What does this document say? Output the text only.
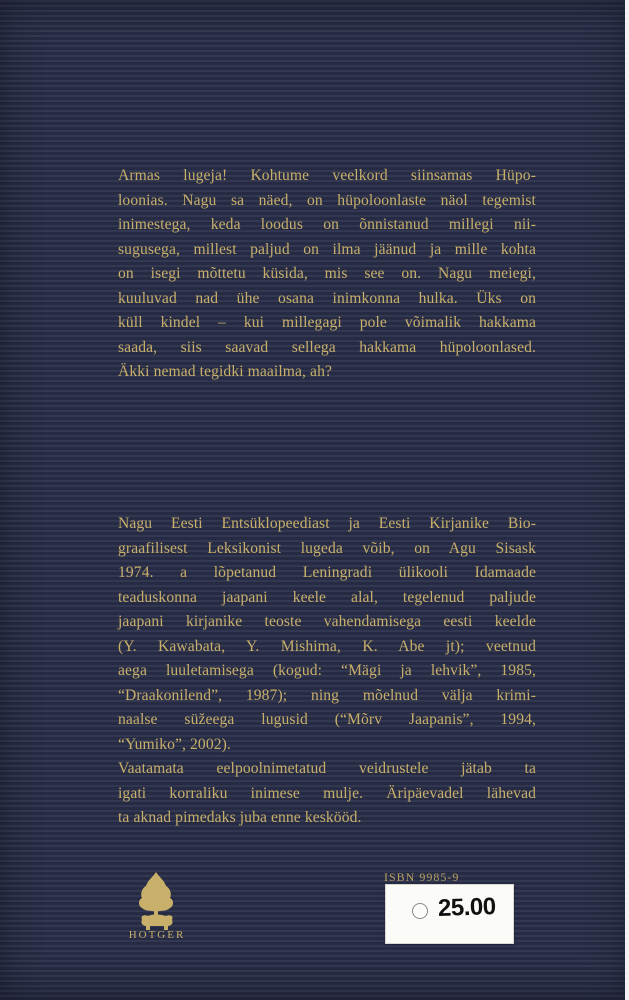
Armas lugeja! Kohtume veelkord siinsamas Hüpo-
loonias. Nagu sa näed, on hüpoloonlaste näol tegemist
inimestega, keda loodus on õnnistanud millegi nii-
sugusega, millest paljud on ilma jäänud ja mille kohta
on isegi mõttetu küsida, mis see on. Nagu meiegi,
kuuluvad nad ühe osana inimkonna hulka. Üks on
küll kindel – kui millegagi pole võimalik hakkama
saada, siis saavad sellega hakkama hüpoloonlased.
Äkki nemad tegidki maailma, ah?
Nagu Eesti Entsüklopeediast ja Eesti Kirjanike Bio-
graafilisest Leksikonist lugeda võib, on Agu Sisask
1974. a lõpetanud Leningradi ülikooli Idamaade
teaduskonna jaapani keele alal, tegelenud paljude
jaapani kirjanike teoste vahendamisega eesti keelde
(Y. Kawabata, Y. Mishima, K. Abe jt); veetnud
aega luuletamisega (kogud: “Mägi ja lehvik”, 1985,
“Draakonilend”, 1987); ning mõelnud välja krimi-
naalse süžeega lugusid (“Mõrv Jaapanis”, 1994,
“Yumiko”, 2002).
Vaatamata eelpoolnimetatud veidrustele jätab ta
igati korraliku inimese mulje. Äripäevadel lähevad
ta aknad pimedaks juba enne keskööd.
HOTGER
ISBN 9985-9
25.00
